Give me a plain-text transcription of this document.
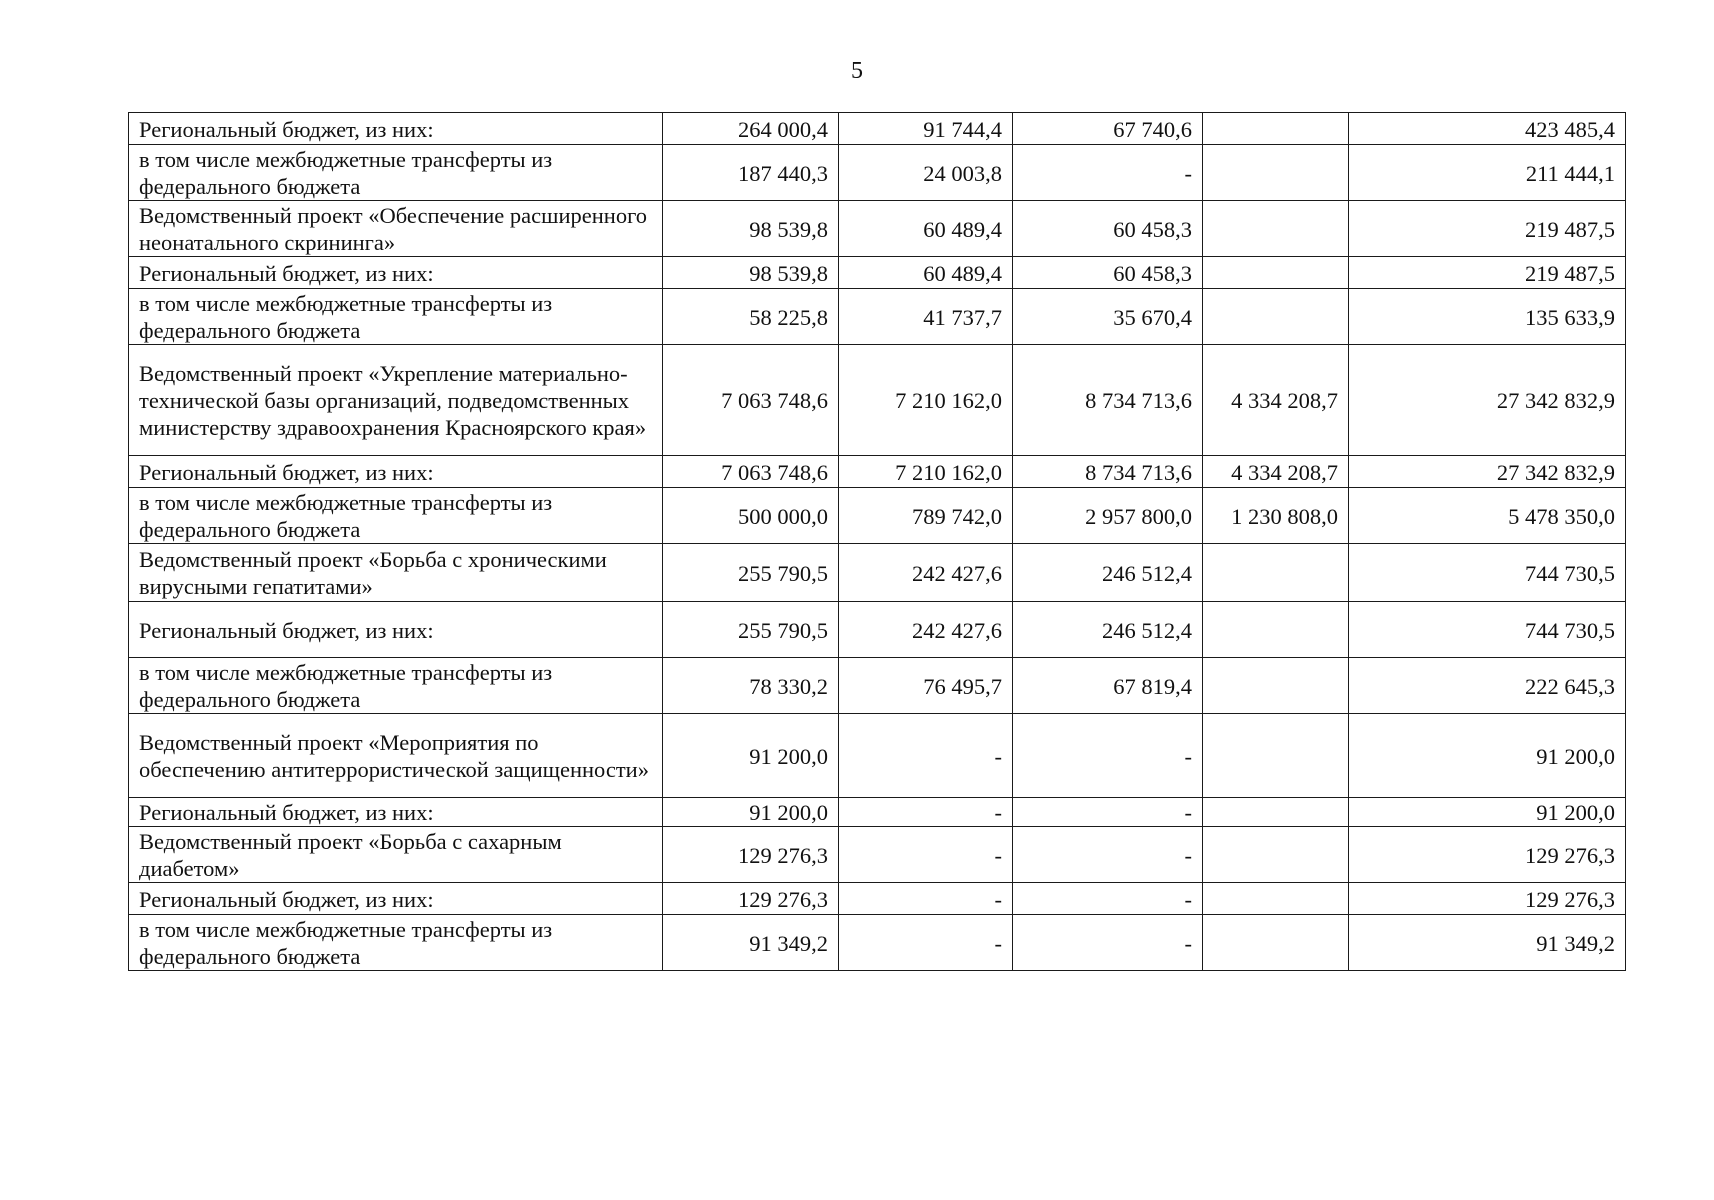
5
Региональный бюджет, из них:	264 000,4	91 744,4	67 740,6		423 485,4
в том числе межбюджетные трансферты из федерального бюджета	187 440,3	24 003,8	-		211 444,1
Ведомственный проект «Обеспечение расширенного неонатального скрининга»	98 539,8	60 489,4	60 458,3		219 487,5
Региональный бюджет, из них:	98 539,8	60 489,4	60 458,3		219 487,5
в том числе межбюджетные трансферты из федерального бюджета	58 225,8	41 737,7	35 670,4		135 633,9
Ведомственный проект «Укрепление материально-технической базы организаций, подведомственных министерству здравоохранения Красноярского края»	7 063 748,6	7 210 162,0	8 734 713,6	4 334 208,7	27 342 832,9
Региональный бюджет, из них:	7 063 748,6	7 210 162,0	8 734 713,6	4 334 208,7	27 342 832,9
в том числе межбюджетные трансферты из федерального бюджета	500 000,0	789 742,0	2 957 800,0	1 230 808,0	5 478 350,0
Ведомственный проект «Борьба с хроническими вирусными гепатитами»	255 790,5	242 427,6	246 512,4		744 730,5
Региональный бюджет, из них:	255 790,5	242 427,6	246 512,4		744 730,5
в том числе межбюджетные трансферты из федерального бюджета	78 330,2	76 495,7	67 819,4		222 645,3
Ведомственный проект «Мероприятия по обеспечению антитеррористической защищенности»	91 200,0	-	-		91 200,0
Региональный бюджет, из них:	91 200,0	-	-		91 200,0
Ведомственный проект «Борьба с сахарным диабетом»	129 276,3	-	-		129 276,3
Региональный бюджет, из них:	129 276,3	-	-		129 276,3
в том числе межбюджетные трансферты из федерального бюджета	91 349,2	-	-		91 349,2
